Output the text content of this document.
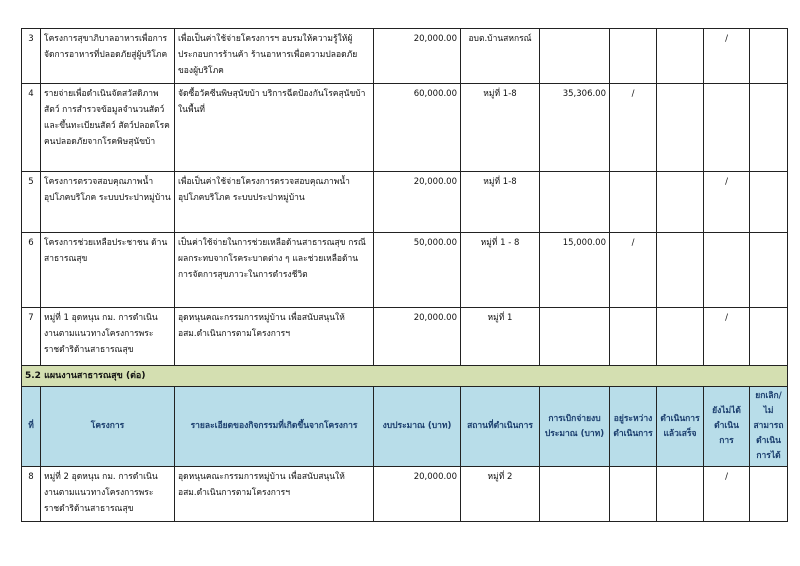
3	โครงการสุขาภิบาลอาหารเพื่อการจัดการอาหารที่ปลอดภัยสู่ผู้บริโภค	เพื่อเป็นค่าใช้จ่ายโครงการฯ อบรมให้ความรู้ให้ผู้ประกอบการร้านค้า ร้านอาหารเพื่อความปลอดภัยของผู้บริโภค	20,000.00	อบต.บ้านสหกรณ์				/	
4	รายจ่ายเพื่อดำเนินจัดสวัสดิภาพสัตว์ การสำรวจข้อมูลจำนวนสัตว์และขึ้นทะเบียนสัตว์ สัตว์ปลอดโรค คนปลอดภัยจากโรคพิษสุนัขบ้า	จัดซื้อวัคซีนพิษสุนัขบ้า บริการฉีดป้องกันโรคสุนัขบ้าในพื้นที่	60,000.00	หมู่ที่ 1-8	35,306.00	/			
5	โครงการตรวจสอบคุณภาพน้ำอุปโภคบริโภค ระบบประปาหมู่บ้าน	เพื่อเป็นค่าใช้จ่ายโครงการตรวจสอบคุณภาพน้ำอุปโภคบริโภค ระบบประปาหมู่บ้าน	20,000.00	หมู่ที่ 1-8				/	
6	โครงการช่วยเหลือประชาชน ด้านสาธารณสุข	เป็นค่าใช้จ่ายในการช่วยเหลือด้านสาธารณสุข กรณีผลกระทบจากโรคระบาดต่าง ๆ และช่วยเหลือด้านการจัดการสุขภาวะในการดำรงชีวิต	50,000.00	หมู่ที่ 1 - 8	15,000.00	/			
7	หมู่ที่ 1 อุดหนุน กม. การดำเนินงานตามแนวทางโครงการพระราชดำริด้านสาธารณสุข	อุดหนุนคณะกรรมการหมู่บ้าน เพื่อสนับสนุนให้ อสม.ดำเนินการตามโครงการฯ	20,000.00	หมู่ที่ 1				/	
5.2 แผนงานสาธารณสุข (ต่อ)									
ที่	โครงการ	รายละเอียดของกิจกรรมที่เกิดขึ้นจากโครงการ	งบประมาณ (บาท)	สถานที่ดำเนินการ	การเบิกจ่ายงบประมาณ (บาท)	อยู่ระหว่างดำเนินการ	ดำเนินการแล้วเสร็จ	ยังไม่ได้ดำเนินการ	ยกเลิก/ไม่สามารถดำเนินการได้
8	หมู่ที่ 2 อุดหนุน กม. การดำเนินงานตามแนวทางโครงการพระราชดำริด้านสาธารณสุข	อุดหนุนคณะกรรมการหมู่บ้าน เพื่อสนับสนุนให้ อสม.ดำเนินการตามโครงการฯ	20,000.00	หมู่ที่ 2				/	
